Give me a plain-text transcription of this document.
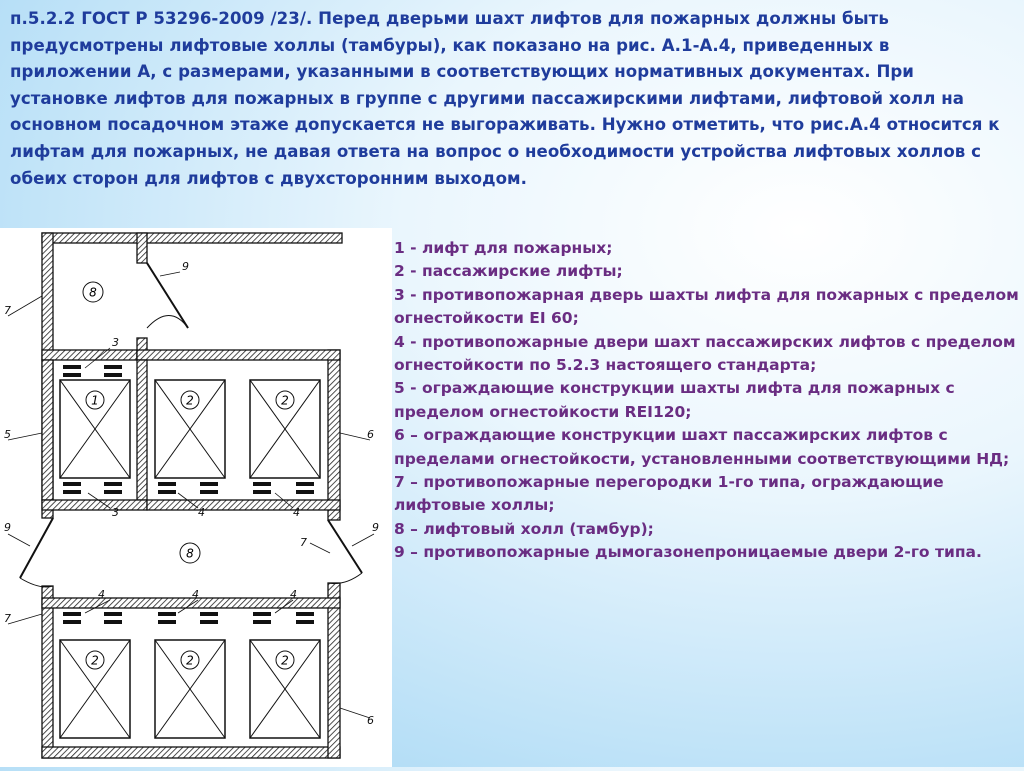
п.5.2.2 ГОСТ Р 53296-2009 /23/. Перед дверьми шахт лифтов для пожарных должны быть предусмотрены лифтовые холлы (тамбуры), как показано на рис. А.1-А.4, приведенных в приложении А, с размерами, указанными в соответствующих нормативных документах. При установке лифтов для пожарных в группе с другими пассажирскими лифтами, лифтовой холл на основном посадочном этаже допускается не выгораживать. Нужно отметить, что рис.А.4 относится к лифтам для пожарных, не давая ответа на вопрос о необходимости устройства лифтовых холлов с обеих сторон для лифтов с двухсторонним выходом.

1	2	2
2	2	2
8
8
7
5
7
9	9
9
3
3	4	4
4	4	4
6
6
7
1 - лифт для пожарных;
2 - пассажирские лифты;
3 - противопожарная дверь шахты лифта для пожарных с пределом огнестойкости EI 60;
4 - противопожарные двери шахт пассажирских лифтов с пределом огнестойкости по 5.2.3 настоящего стандарта;
5 - ограждающие конструкции шахты лифта для пожарных с пределом огнестойкости REI120;
6 – ограждающие конструкции шахт пассажирских лифтов с пределами огнестойкости, установленными соответствующими НД;
7 – противопожарные перегородки 1-го типа, ограждающие лифтовые холлы;
8 – лифтовый холл (тамбур);
9 – противопожарные дымогазонепроницаемые двери 2-го типа.
